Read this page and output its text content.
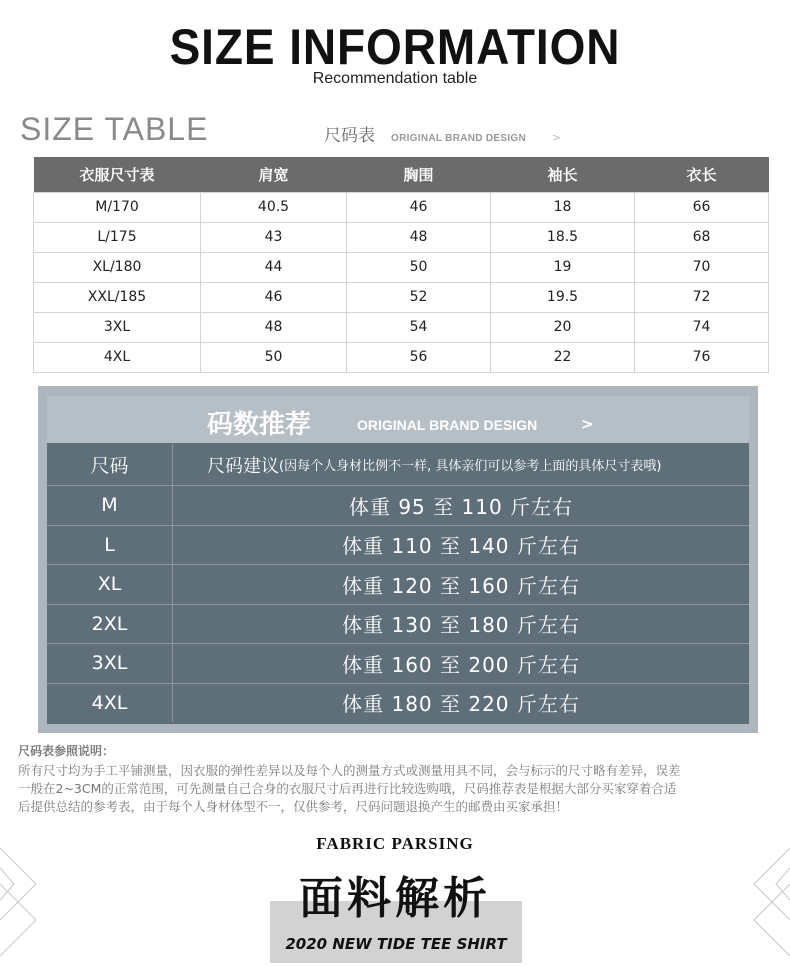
SIZE INFORMATION
Recommendation table
SIZE TABLE	尺码表 ORIGINAL BRAND DESIGN >
衣服尺寸表	肩宽	胸围	袖长	衣长
M/170	40.5	46	18	66
L/175	43	48	18.5	68
XL/180	44	50	19	70
XXL/185	46	52	19.5	72
3XL	48	54	20	74
4XL	50	56	22	76
码数推荐	ORIGINAL BRAND DESIGN	>
尺码	尺码建议 (因每个人身材比例不一样, 具体亲们可以参考上面的具体尺寸表哦)
M	体重 95 至 110 斤左右
L	体重 110 至 140 斤左右
XL	体重 120 至 160 斤左右
2XL	体重 130 至 180 斤左右
3XL	体重 160 至 200 斤左右
4XL	体重 180 至 220 斤左右
尺码表参照说明：
所有尺寸均为手工平铺测量，因衣服的弹性差异以及每个人的测量方式或测量用具不同，会与标示的尺寸略有差异，误差
一般在2~3CM的正常范围，可先测量自己合身的衣服尺寸后再进行比较选购哦，尺码推荐表是根据大部分买家穿着合适
后提供总结的参考表，由于每个人身材体型不一，仅供参考，尺码问题退换产生的邮费由买家承担！
FABRIC PARSING
面料解析
2020 NEW TIDE TEE SHIRT
